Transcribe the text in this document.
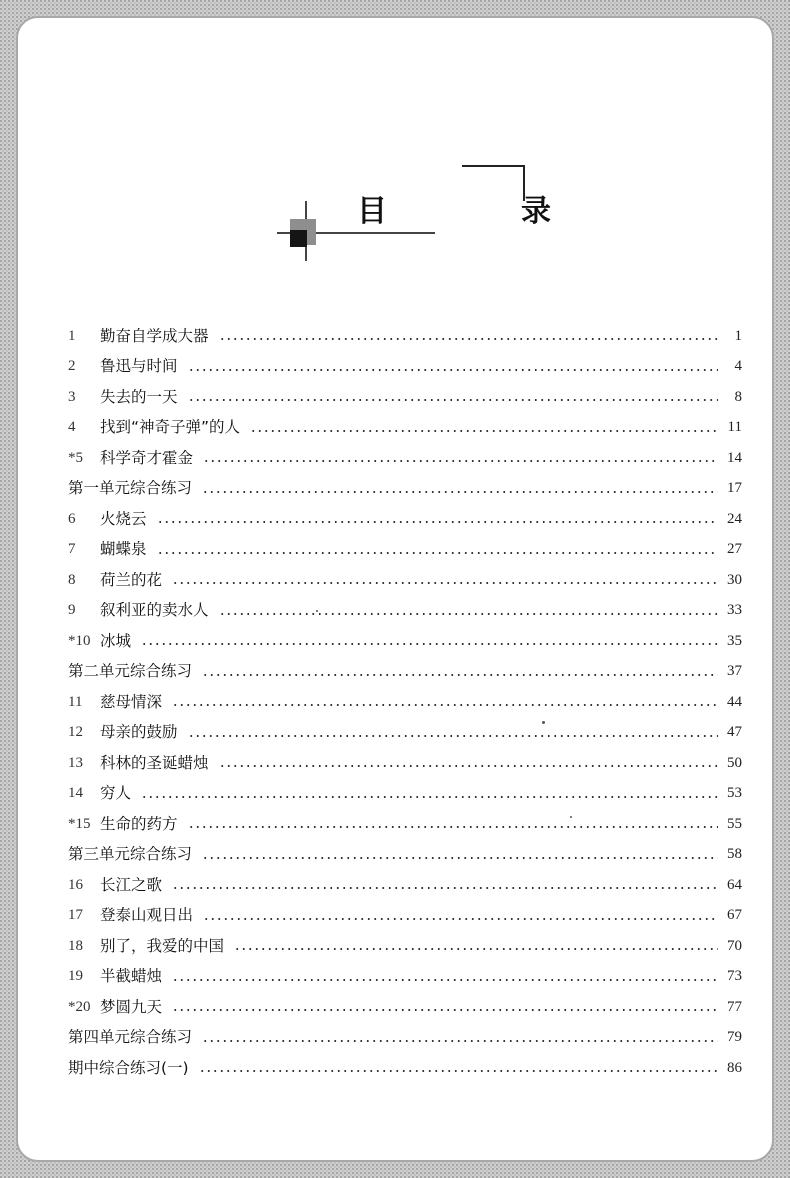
目　录
1	勤奋自学成大器	1
2	鲁迅与时间	4
3	失去的一天	8
4	找到“神奇子弹”的人	11
*5	科学奇才霍金	14
第一单元综合练习	17
6	火烧云	24
7	蝴蝶泉	27
8	荷兰的花	30
9	叙利亚的卖水人	33
*10 冰城	35
第二单元综合练习	37
11	慈母情深	44
12	母亲的鼓励	47
13	科林的圣诞蜡烛	50
14	穷人	53
*15 生命的药方	55
第三单元综合练习	58
16	长江之歌	64
17	登泰山观日出	67
18	别了，我爱的中国	70
19	半截蜡烛	73
*20 梦圆九天	77
第四单元综合练习	79
期中综合练习(一)	86
